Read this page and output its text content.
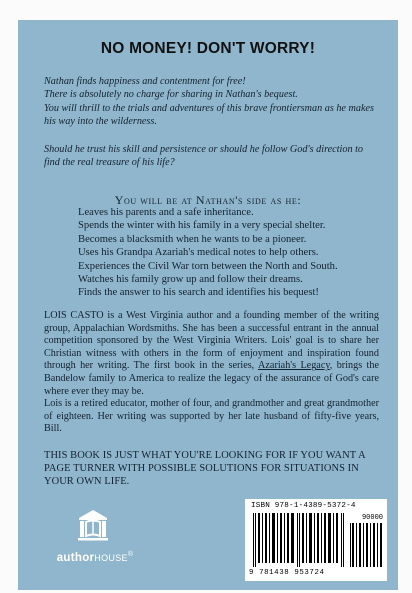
NO MONEY! DON'T WORRY!

Nathan finds happiness and contentment for free!
There is absolutely no charge for sharing in Nathan's bequest.
You will thrill to the trials and adventures of this brave frontiersman as he makes his way into the wilderness.

Should he trust his skill and persistence or should he follow God's direction to find the real treasure of his life?

You will be at Nathan's side as he:
Leaves his parents and a safe inheritance.
Spends the winter with his family in a very special shelter.
Becomes a blacksmith when he wants to be a pioneer.
Uses his Grandpa Azariah's medical notes to help others.
Experiences the Civil War torn between the North and South.
Watches his family grow up and follow their dreams.
Finds the answer to his search and identifies his bequest!

LOIS CASTO is a West Virginia author and a founding member of the writing group, Appalachian Wordsmiths. She has been a successful entrant in the annual competition sponsored by the West Virginia Writers. Lois' goal is to share her Christian witness with others in the form of enjoyment and inspiration found through her writing. The first book in the series, Azariah's Legacy, brings the Bandelow family to America to realize the legacy of the assurance of God's care where ever they may be.

Lois is a retired educator, mother of four, and grandmother and great grandmother of eighteen. Her writing was supported by her late husband of fifty-five years, Bill.

THIS BOOK IS JUST WHAT YOU'RE LOOKING FOR IF YOU WANT A PAGE TURNER WITH POSSIBLE SOLUTIONS FOR SITUATIONS IN YOUR OWN LIFE.
authorHOUSE®
ISBN 978-1-4389-5372-4
90000
9 781438 953724
